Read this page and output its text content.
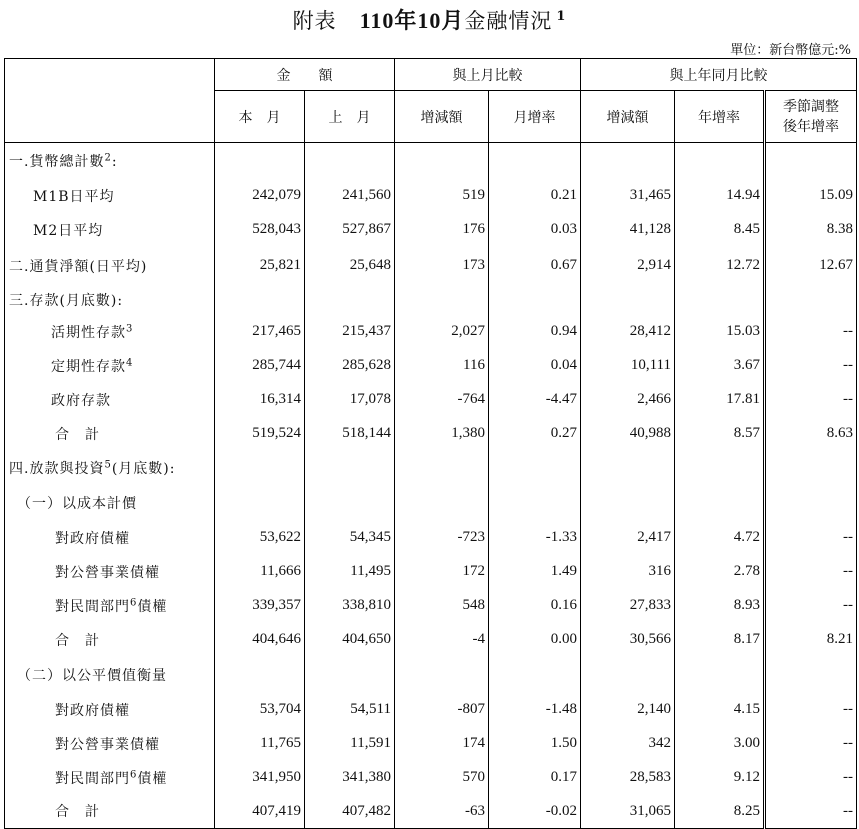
附表 110年10月金融情況 $^1$
單位：新台幣億元:%
	金　　額		與上月比較		與上年同月比較		
	本　月	上　月	增減額	月增率	增減額	年增率	季節調整
後年增率
一.貨幣總計數$^2$:							
M1B日平均	242,079	241,560	519	0.21	31,465	14.94	15.09
M2日平均	528,043	527,867	176	0.03	41,128	8.45	8.38
二.通貨淨額(日平均)	25,821	25,648	173	0.67	2,914	12.72	12.67
三.存款(月底數):							
活期性存款$^3$	217,465	215,437	2,027	0.94	28,412	15.03	--
定期性存款$^4$	285,744	285,628	116	0.04	10,111	3.67	--
政府存款	16,314	17,078	-764	-4.47	2,466	17.81	--
合　計	519,524	518,144	1,380	0.27	40,988	8.57	8.63
四.放款與投資$^5$(月底數):							
（一）以成本計價							
對政府債權	53,622	54,345	-723	-1.33	2,417	4.72	--
對公營事業債權	11,666	11,495	172	1.49	316	2.78	--
對民間部門$^6$債權	339,357	338,810	548	0.16	27,833	8.93	--
合　計	404,646	404,650	-4	0.00	30,566	8.17	8.21
（二）以公平價值衡量							
對政府債權	53,704	54,511	-807	-1.48	2,140	4.15	--
對公營事業債權	11,765	11,591	174	1.50	342	3.00	--
對民間部門$^6$債權	341,950	341,380	570	0.17	28,583	9.12	--
合　計	407,419	407,482	-63	-0.02	31,065	8.25	--
